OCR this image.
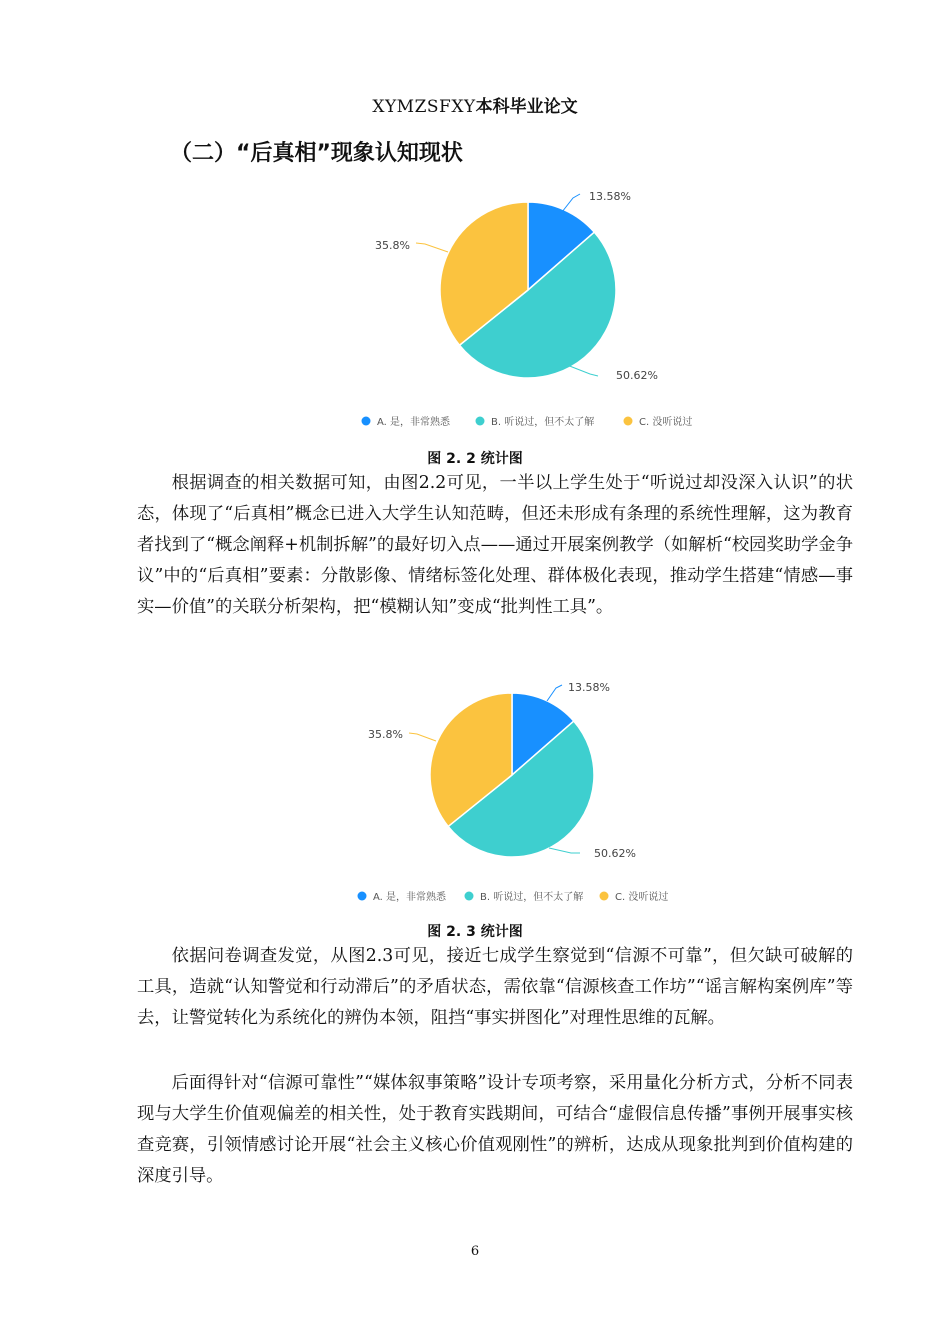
XYMZSFXY本科毕业论文
（二）“后真相”现象认知现状
13.58%
A. 是，非常熟悉
50.62%
B. 听说过，但不太了解
35.8%
C. 没听说过
图 2. 2 统计图

根据调查的相关数据可知，由图2.2可见，一半以上学生处于“听说过却没深入认识”的状态，体现了“后真相”概念已进入大学生认知范畴，但还未形成有条理的系统性理解，这为教育者找到了“概念阐释+机制拆解”的最好切入点——通过开展案例教学（如解析“校园奖助学金争议”中的“后真相”要素：分散影像、情绪标签化处理、群体极化表现，推动学生搭建“情感—事实—价值”的关联分析架构，把“模糊认知”变成“批判性工具”。

13.58%
A. 是，非常熟悉
50.62%
B. 听说过，但不太了解
35.8%
C. 没听说过
图 2. 3 统计图

依据问卷调查发觉，从图2.3可见，接近七成学生察觉到“信源不可靠”，但欠缺可破解的工具，造就“认知警觉和行动滞后”的矛盾状态，需依靠“信源核查工作坊”“谣言解构案例库”等去，让警觉转化为系统化的辨伪本领，阻挡“事实拼图化”对理性思维的瓦解。

后面得针对“信源可靠性”“媒体叙事策略”设计专项考察，采用量化分析方式，分析不同表现与大学生价值观偏差的相关性，处于教育实践期间，可结合“虚假信息传播”事例开展事实核查竞赛，引领情感讨论开展“社会主义核心价值观刚性”的辨析，达成从现象批判到价值构建的深度引导。

6
